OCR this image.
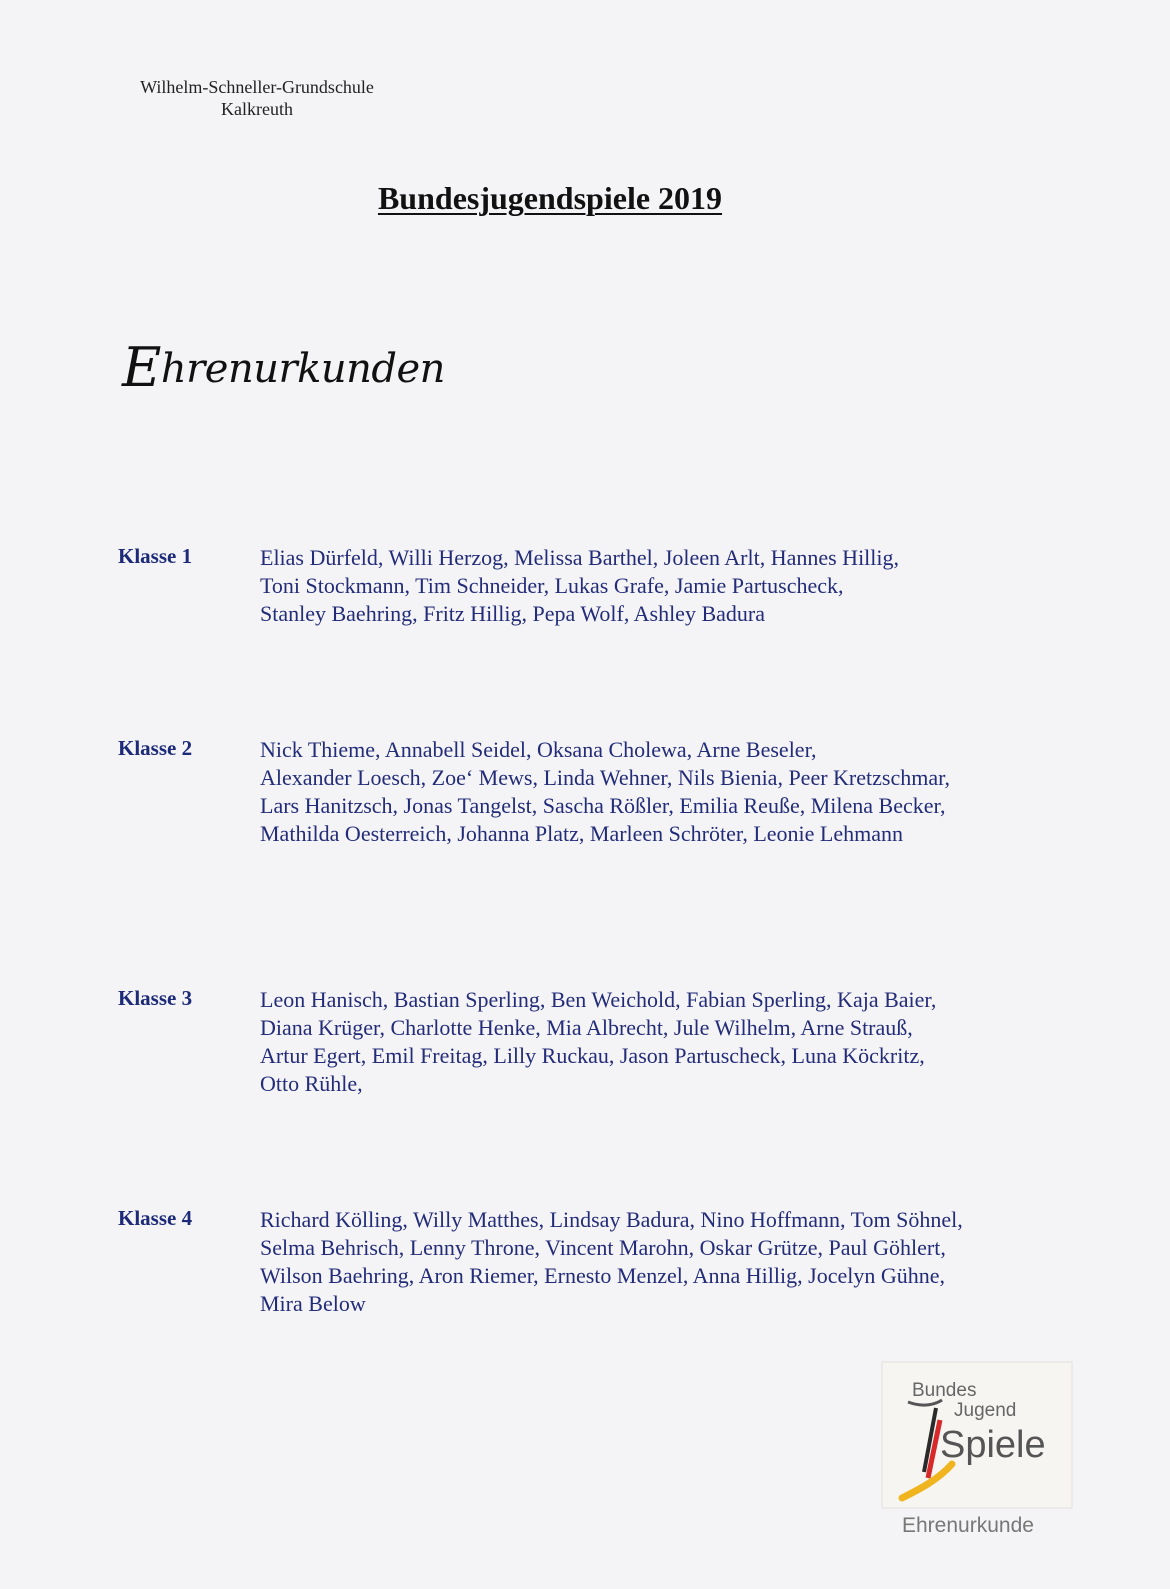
Wilhelm-Schneller-Grundschule
Kalkreuth
Bundesjugendspiele 2019
Ehrenurkunden
Klasse 1	Elias Dürfeld, Willi Herzog, Melissa Barthel, Joleen Arlt, Hannes Hillig,
Toni Stockmann, Tim Schneider, Lukas Grafe, Jamie Partuscheck,
Stanley Baehring, Fritz Hillig, Pepa Wolf, Ashley Badura
Klasse 2	Nick Thieme, Annabell Seidel, Oksana Cholewa, Arne Beseler,
Alexander Loesch, Zoe‘ Mews, Linda Wehner, Nils Bienia, Peer Kretzschmar,
Lars Hanitzsch, Jonas Tangelst, Sascha Rößler, Emilia Reuße, Milena Becker,
Mathilda Oesterreich, Johanna Platz, Marleen Schröter, Leonie Lehmann
Klasse 3	Leon Hanisch, Bastian Sperling, Ben Weichold, Fabian Sperling, Kaja Baier,
Diana Krüger, Charlotte Henke, Mia Albrecht, Jule Wilhelm, Arne Strauß,
Artur Egert, Emil Freitag, Lilly Ruckau, Jason Partuscheck, Luna Köckritz,
Otto Rühle,
Klasse 4	Richard Kölling, Willy Matthes, Lindsay Badura, Nino Hoffmann, Tom Söhnel,
Selma Behrisch, Lenny Throne, Vincent Marohn, Oskar Grütze, Paul Göhlert,
Wilson Baehring, Aron Riemer, Ernesto Menzel, Anna Hillig, Jocelyn Gühne,
Mira Below
Bundes
Jugend
Spiele
Ehrenurkunde
